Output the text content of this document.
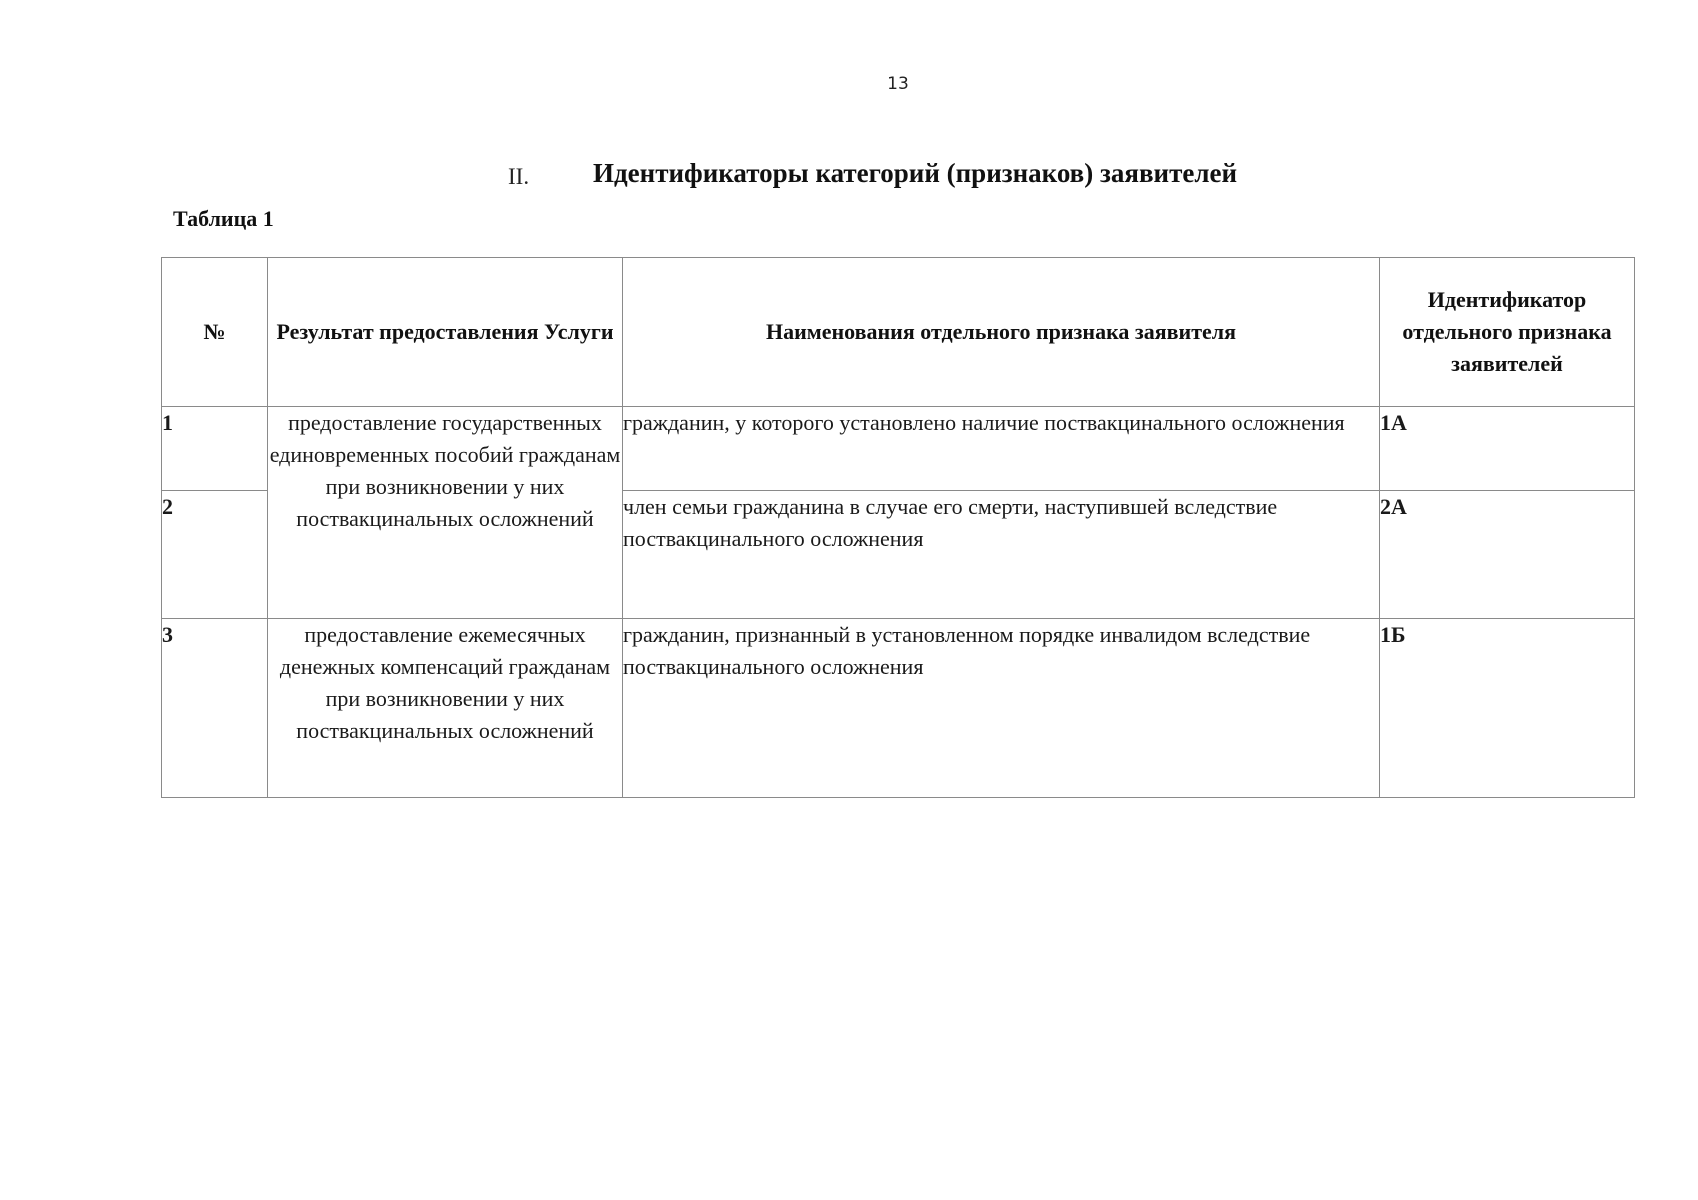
13
II. Идентификаторы категорий (признаков) заявителей
Таблица 1
№	Результат предоставления Услуги	Наименования отдельного признака заявителя	Идентификатор отдельного признака заявителей
1	предоставление государственных единовременных пособий гражданам при возникновении у них поствакцинальных осложнений	гражданин, у которого установлено наличие поствакцинального осложнения	1А
2		член семьи гражданина в случае его смерти, наступившей вследствие поствакцинального осложнения	2А
3	предоставление ежемесячных денежных компенсаций гражданам при возникновении у них поствакцинальных осложнений	гражданин, признанный в установленном порядке инвалидом вследствие поствакцинального осложнения	1Б
